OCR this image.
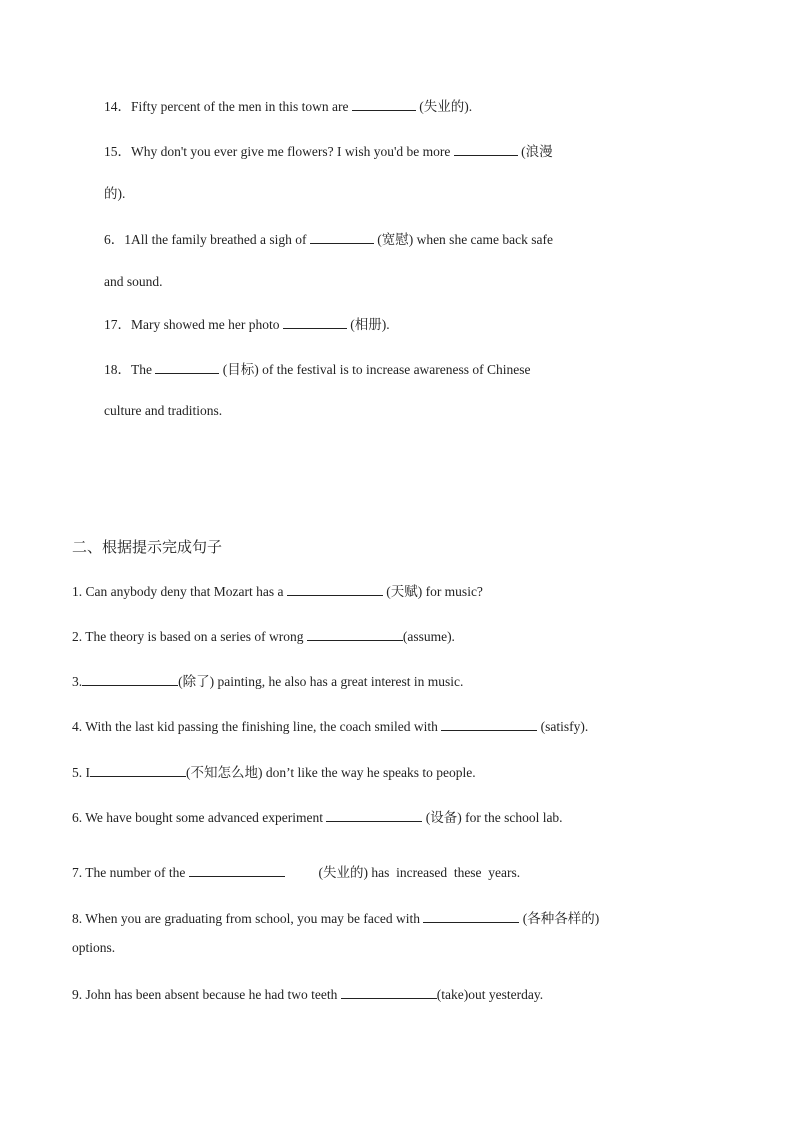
14．Fifty percent of the men in this town are	(失业的).
15．Why don't you ever give me flowers? I wish you'd be more	(浪漫
的).
6．1All the family breathed a sigh of	(宽慰) when she came back safe
and sound.
17．Mary showed me her photo	(相册).
18．The	(目标) of the festival is to increase awareness of Chinese
culture and traditions.
二、根据提示完成句子
1. Can anybody deny that Mozart has a	(天赋) for music?
2. The theory is based on a series of wrong	(assume).
3.	(除了) painting, he also has a great interest in music.
4. With the last kid passing the finishing line, the coach smiled with	(satisfy).
5. I	(不知怎么地) don’t like the way he speaks to people.
6. We have bought some advanced experiment	(设备) for the school lab.
7. The number of the	(失业的) has  increased  these  years.
8. When you are graduating from school, you may be faced with	(各种各样的)
options.
9. John has been absent because he had two teeth	(take)out yesterday.
